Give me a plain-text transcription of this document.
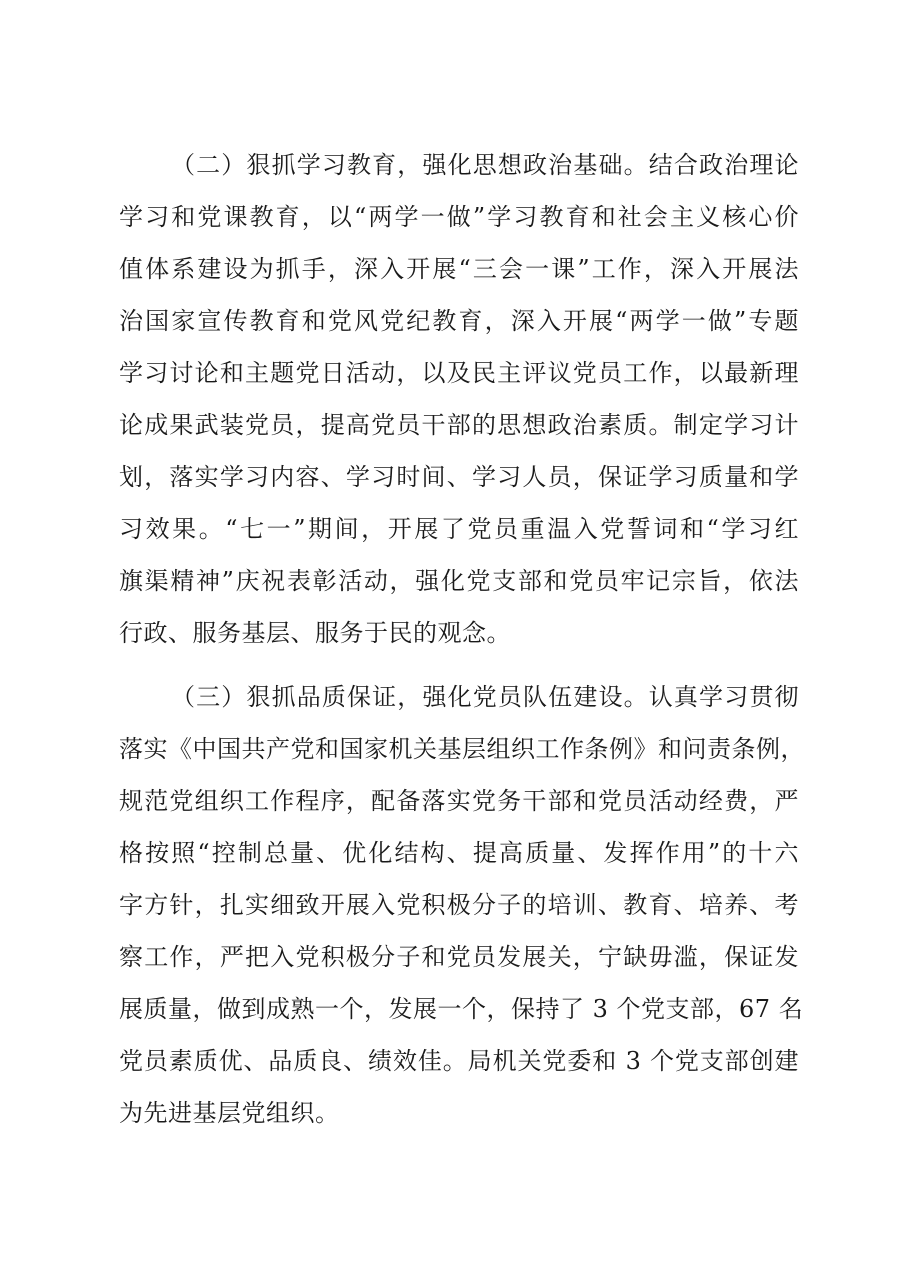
（二）狠抓学习教育，强化思想政治基础。结合政治理论
学习和党课教育，以“两学一做”学习教育和社会主义核心价
值体系建设为抓手，深入开展“三会一课”工作，深入开展法
治国家宣传教育和党风党纪教育，深入开展“两学一做”专题
学习讨论和主题党日活动，以及民主评议党员工作，以最新理
论成果武装党员，提高党员干部的思想政治素质。制定学习计
划，落实学习内容、学习时间、学习人员，保证学习质量和学
习效果。“七一”期间，开展了党员重温入党誓词和“学习红
旗渠精神”庆祝表彰活动，强化党支部和党员牢记宗旨，依法
行政、服务基层、服务于民的观念。
（三）狠抓品质保证，强化党员队伍建设。认真学习贯彻
落实《中国共产党和国家机关基层组织工作条例》和问责条例，
规范党组织工作程序，配备落实党务干部和党员活动经费，严
格按照“控制总量、优化结构、提高质量、发挥作用”的十六
字方针，扎实细致开展入党积极分子的培训、教育、培养、考
察工作，严把入党积极分子和党员发展关，宁缺毋滥，保证发
展质量，做到成熟一个，发展一个，保持了 3 个党支部，67 名
党员素质优、品质良、绩效佳。局机关党委和 3 个党支部创建
为先进基层党组织。
